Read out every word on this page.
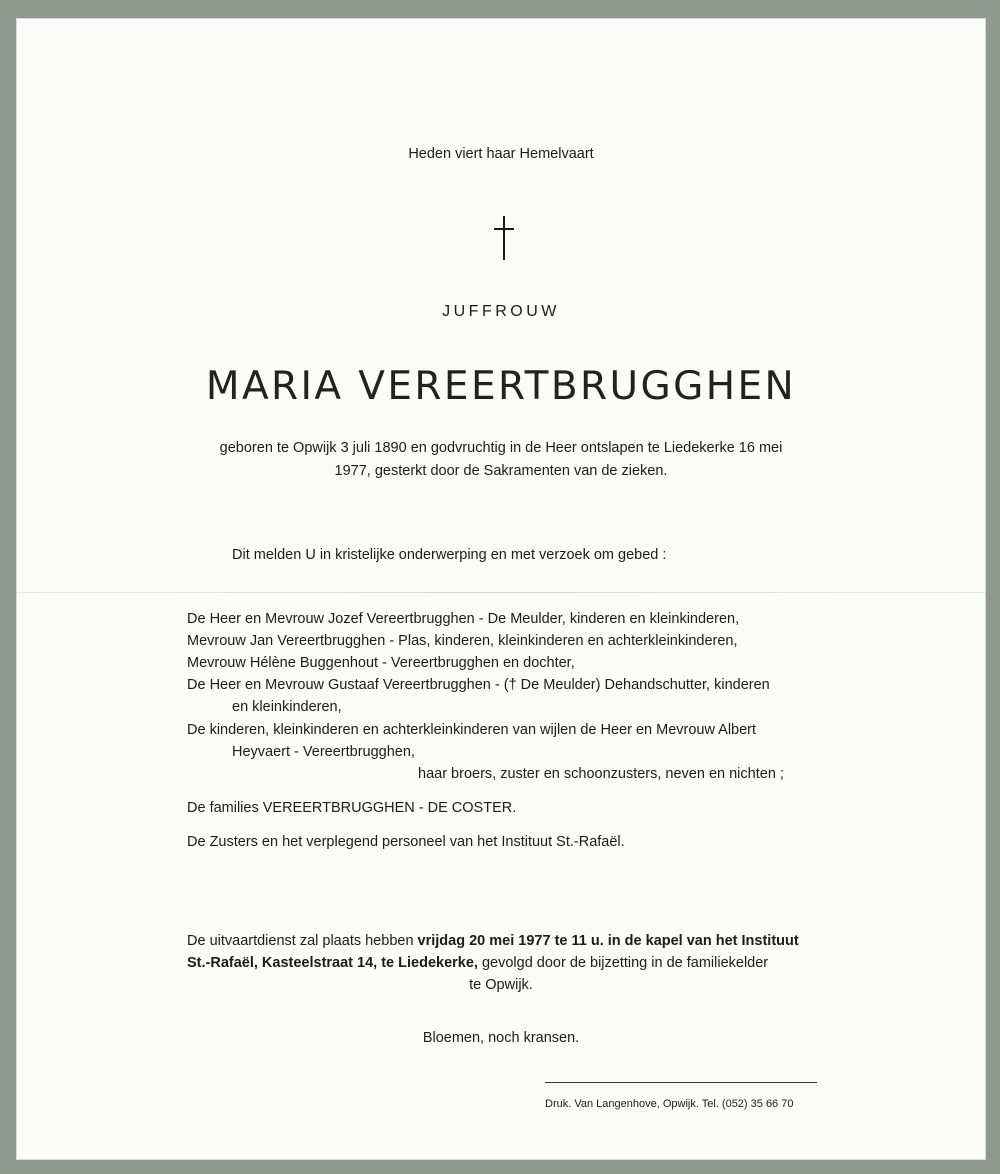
Heden viert haar Hemelvaart

JUFFROUW

MARIA VEREERTBRUGGHEN

geboren te Opwijk 3 juli 1890 en godvruchtig in de Heer ontslapen te Liedekerke 16 mei

1977, gesterkt door de Sakramenten van de zieken.

Dit melden U in kristelijke onderwerping en met verzoek om gebed :

De Heer en Mevrouw Jozef Vereertbrugghen - De Meulder, kinderen en kleinkinderen,

Mevrouw Jan Vereertbrugghen - Plas, kinderen, kleinkinderen en achterkleinkinderen,

Mevrouw Hélène Buggenhout - Vereertbrugghen en dochter,

De Heer en Mevrouw Gustaaf Vereertbrugghen - († De Meulder) Dehandschutter, kinderen

en kleinkinderen,

De kinderen, kleinkinderen en achterkleinkinderen van wijlen de Heer en Mevrouw Albert

Heyvaert - Vereertbrugghen,

haar broers, zuster en schoonzusters, neven en nichten ;

De families VEREERTBRUGGHEN - DE COSTER.

De Zusters en het verplegend personeel van het Instituut St.-Rafaël.

De uitvaartdienst zal plaats hebben vrijdag 20 mei 1977 te 11 u. in de kapel van het Instituut

St.-Rafaël, Kasteelstraat 14, te Liedekerke, gevolgd door de bijzetting in de familiekelder

te Opwijk.

Bloemen, noch kransen.

Druk. Van Langenhove, Opwijk. Tel. (052) 35 66 70
